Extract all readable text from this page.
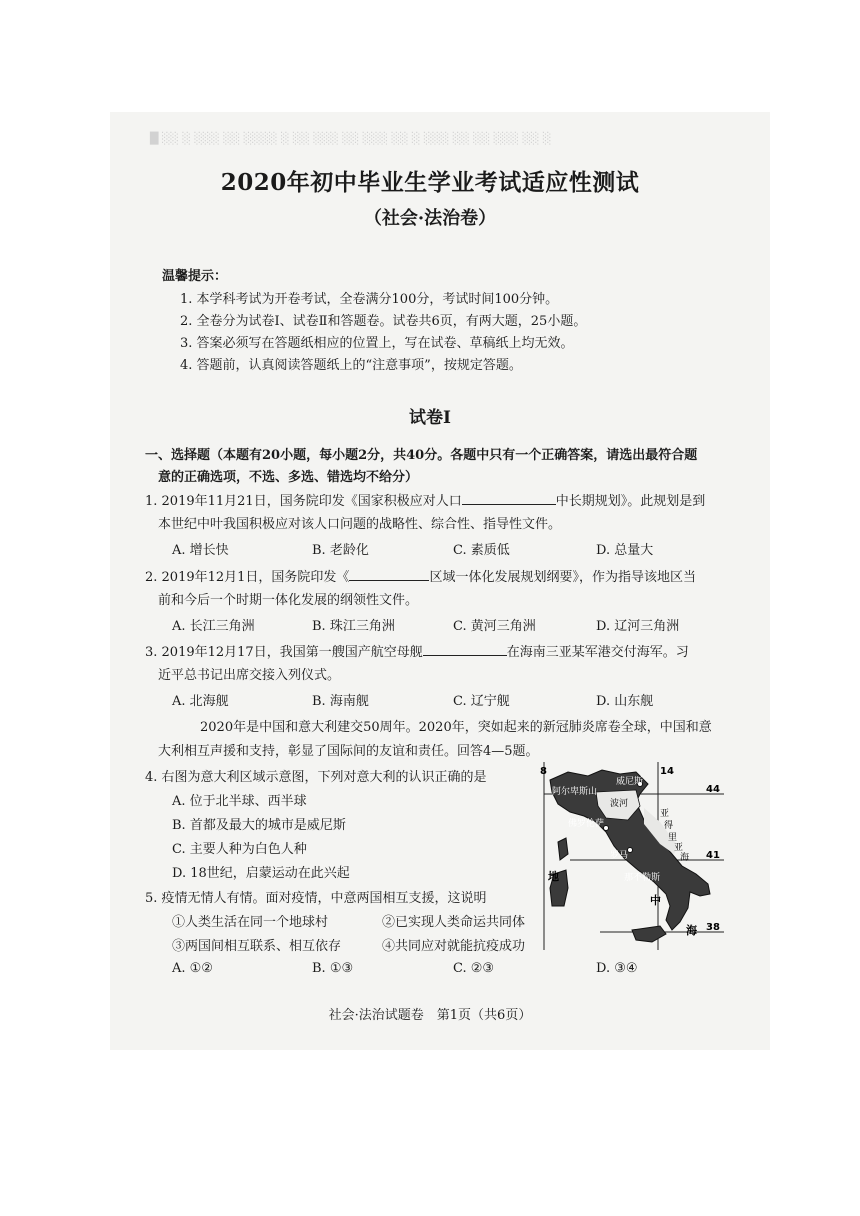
█ ░░ ░ ░░░ ░░ ░░░░ ░ ░░ ░░░ ░░ ░░░ ░░ ░ ░░░ ░░ ░░ ░░░ ░░ ░
2020年初中毕业生学业考试适应性测试
（社会·法治卷）
温馨提示：
1. 本学科考试为开卷考试，全卷满分100分，考试时间100分钟。
2. 全卷分为试卷Ⅰ、试卷Ⅱ和答题卷。试卷共6页，有两大题，25小题。
3. 答案必须写在答题纸相应的位置上，写在试卷、草稿纸上均无效。
4. 答题前，认真阅读答题纸上的“注意事项”，按规定答题。
试卷Ⅰ
一、选择题（本题有20小题，每小题2分，共40分。各题中只有一个正确答案，请选出最符合题
意的正确选项，不选、多选、错选均不给分）
1. 2019年11月21日，国务院印发《国家积极应对人口	中长期规划》。此规划是到
本世纪中叶我国积极应对该人口问题的战略性、综合性、指导性文件。
A. 增长快	B. 老龄化	C. 素质低	D. 总量大
2. 2019年12月1日，国务院印发《	区域一体化发展规划纲要》，作为指导该地区当
前和今后一个时期一体化发展的纲领性文件。
A. 长江三角洲	B. 珠江三角洲	C. 黄河三角洲	D. 辽河三角洲
3. 2019年12月17日，我国第一艘国产航空母舰	在海南三亚某军港交付海军。习
近平总书记出席交接入列仪式。
A. 北海舰	B. 海南舰	C. 辽宁舰	D. 山东舰
2020年是中国和意大利建交50周年。2020年，突如起来的新冠肺炎席卷全球，中国和意
大利相互声援和支持，彰显了国际间的友谊和责任。回答4—5题。
4. 右图为意大利区域示意图，下列对意大利的认识正确的是
A. 位于北半球、西半球
B. 首都及最大的城市是威尼斯
C. 主要人种为白色人种
D. 18世纪，启蒙运动在此兴起
5. 疫情无情人有情。面对疫情，中意两国相互支援，这说明
①人类生活在同一个地球村	②已实现人类命运共同体
③两国间相互联系、相互依存	④共同应对就能抗疫成功
A. ①②	B. ①③	C. ②③	D. ③④
8	14
44
41
38
阿尔卑斯山
威尼斯
波河
佛罗伦萨
亚
得
里
亚
海
罗马
地	那不勒斯
中
海
社会·法治试题卷　第1页（共6页）
